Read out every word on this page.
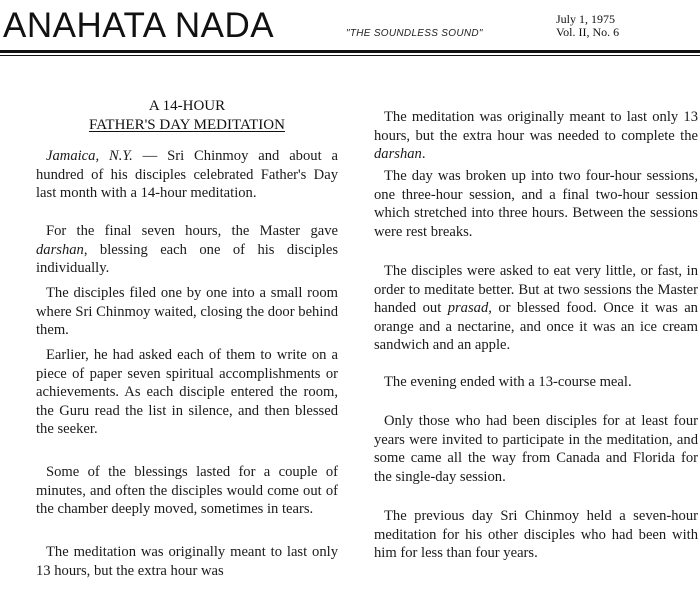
ANAHATA NADA	"THE SOUNDLESS SOUND"
July 1, 1975
Vol. II, No. 6
A 14-HOUR
FATHER'S DAY MEDITATION

Jamaica, N.Y. — Sri Chinmoy and about a hundred of his disciples celebrated Father's Day last month with a 14-hour meditation.

For the final seven hours, the Master gave darshan, blessing each one of his disciples individually.

The disciples filed one by one into a small room where Sri Chinmoy waited, closing the door behind them.

Earlier, he had asked each of them to write on a piece of paper seven spiritual accomplishments or achievements. As each disciple entered the room, the Guru read the list in silence, and then blessed the seeker.

Some of the blessings lasted for a couple of minutes, and often the disciples would come out of the chamber deeply moved, sometimes in tears.

The meditation was originally meant to last only 13 hours, but the extra hour was

The meditation was originally meant to last only 13 hours, but the extra hour was needed to complete the darshan.

The day was broken up into two four-hour sessions, one three-hour session, and a final two-hour session which stretched into three hours. Between the sessions were rest breaks.

The disciples were asked to eat very little, or fast, in order to meditate better. But at two sessions the Master handed out prasad, or blessed food. Once it was an orange and a nectarine, and once it was an ice cream sandwich and an apple.

The evening ended with a 13-course meal.

Only those who had been disciples for at least four years were invited to participate in the meditation, and some came all the way from Canada and Florida for the single-day session.

The previous day Sri Chinmoy held a seven-hour meditation for his other disciples who had been with him for less than four years.
